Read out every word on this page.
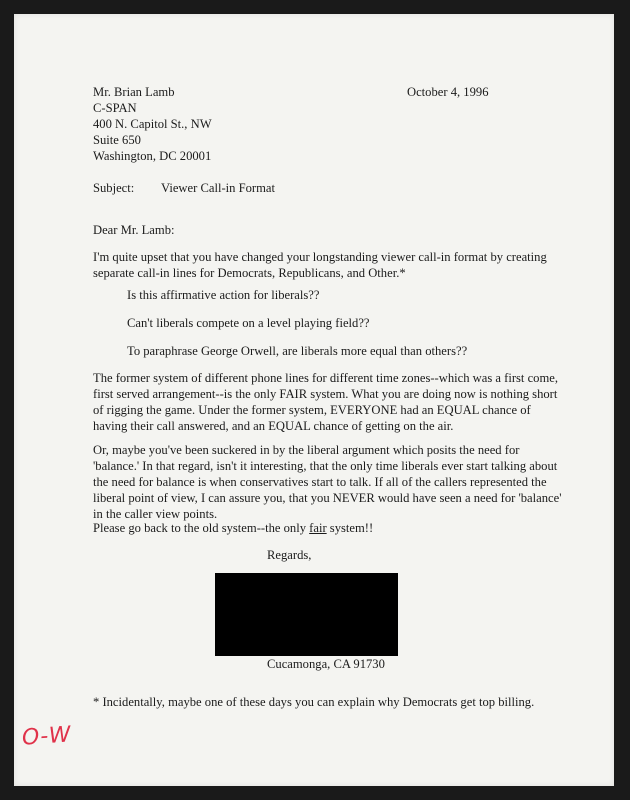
Mr. Brian Lamb
C-SPAN
400 N. Capitol St., NW
Suite 650
Washington, DC 20001
October 4, 1996
Subject: Viewer Call-in Format
Dear Mr. Lamb:
I'm quite upset that you have changed your longstanding viewer call-in format by creating
separate call-in lines for Democrats, Republicans, and Other.*
Is this affirmative action for liberals??
Can't liberals compete on a level playing field??
To paraphrase George Orwell, are liberals more equal than others??
The former system of different phone lines for different time zones--which was a first come,
first served arrangement--is the only FAIR system. What you are doing now is nothing short
of rigging the game. Under the former system, EVERYONE had an EQUAL chance of
having their call answered, and an EQUAL chance of getting on the air.
Or, maybe you've been suckered in by the liberal argument which posits the need for
'balance.' In that regard, isn't it interesting, that the only time liberals ever start talking about
the need for balance is when conservatives start to talk. If all of the callers represented the
liberal point of view, I can assure you, that you NEVER would have seen a need for 'balance'
in the caller view points.
Please go back to the old system--the only fair system!!
Regards,
Cucamonga, CA 91730
* Incidentally, maybe one of these days you can explain why Democrats get top billing.
O-W
